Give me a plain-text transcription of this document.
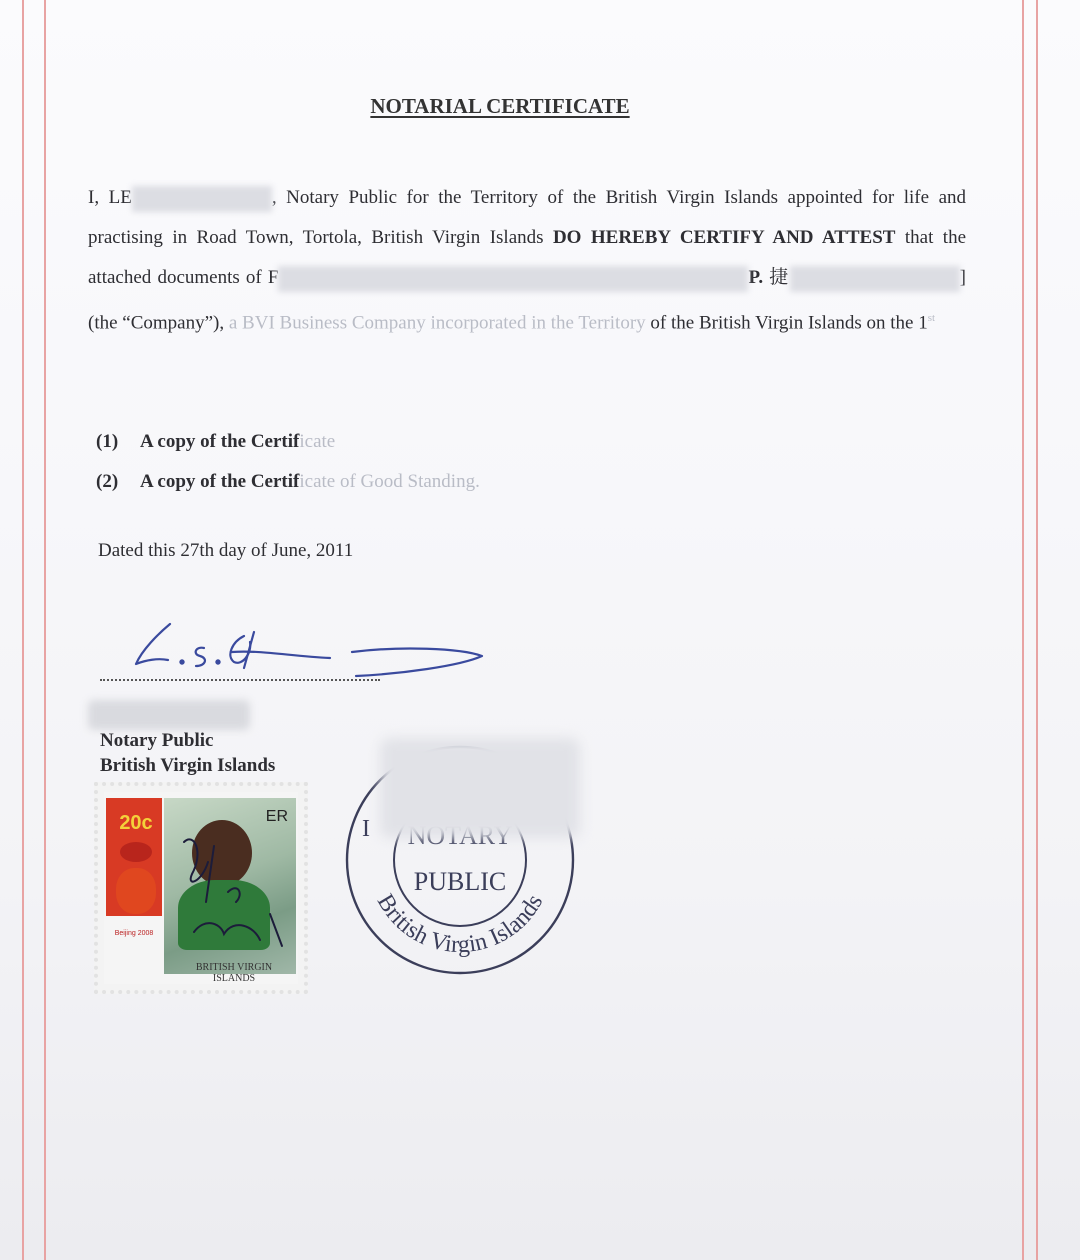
NOTARIAL CERTIFICATE
I, LE	, Notary Public for the Territory of the British Virgin Islands appointed for life and practising in Road Town, Tortola, British Virgin Islands DO HEREBY CERTIFY AND ATTEST that the attached documents of F	P. 捷	] (the “Company”), a BVI Business Company incorporated in the Territory of the British Virgin Islands on the 1st
(1) A copy of the Certificate
(2) A copy of the Certificate of Good Standing.
Dated this 27th day of June, 2011
Notary Public
British Virgin Islands
20c
Beijing 2008
ER
BRITISH VIRGIN
ISLANDS
PUBLIC
British Virgin Islands
I
